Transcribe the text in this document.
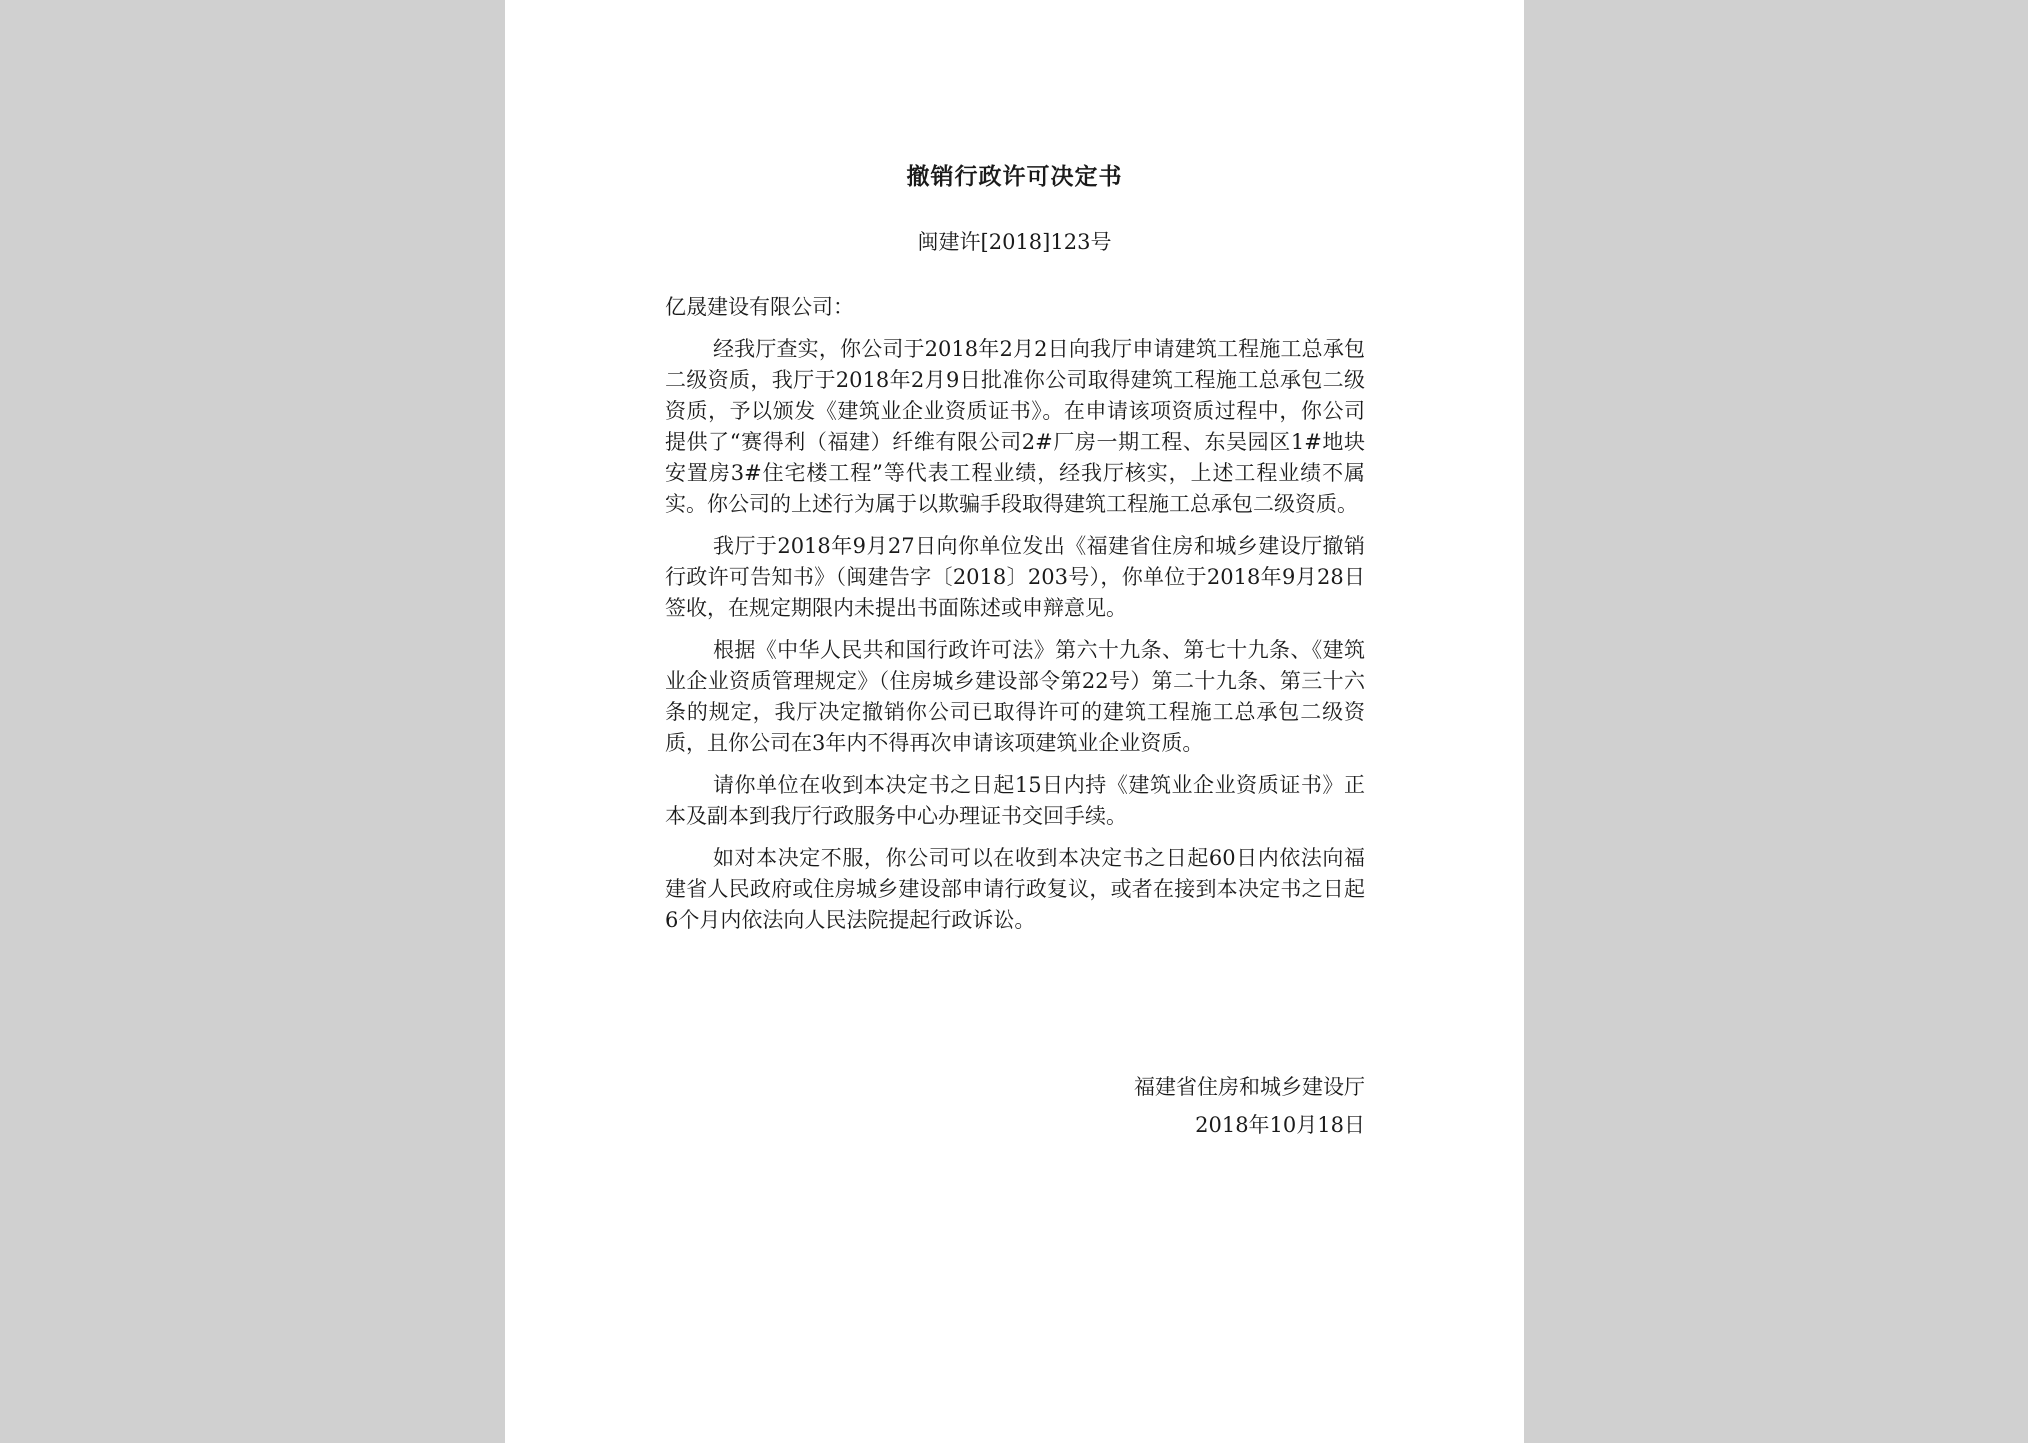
撤销行政许可决定书
闽建许[2018]123号
亿晟建设有限公司：

经我厅查实，你公司于2018年2月2日向我厅申请建筑工程施工总承包二级资质，我厅于2018年2月9日批准你公司取得建筑工程施工总承包二级资质，予以颁发《建筑业企业资质证书》。在申请该项资质过程中，你公司提供了“赛得利（福建）纤维有限公司2#厂房一期工程、东吴园区1#地块安置房3#住宅楼工程”等代表工程业绩，经我厅核实，上述工程业绩不属实。你公司的上述行为属于以欺骗手段取得建筑工程施工总承包二级资质。

我厅于2018年9月27日向你单位发出《福建省住房和城乡建设厅撤销行政许可告知书》（闽建告字〔2018〕203号），你单位于2018年9月28日签收，在规定期限内未提出书面陈述或申辩意见。

根据《中华人民共和国行政许可法》第六十九条、第七十九条、《建筑业企业资质管理规定》（住房城乡建设部令第22号）第二十九条、第三十六条的规定，我厅决定撤销你公司已取得许可的建筑工程施工总承包二级资质，且你公司在3年内不得再次申请该项建筑业企业资质。

请你单位在收到本决定书之日起15日内持《建筑业企业资质证书》正本及副本到我厅行政服务中心办理证书交回手续。

如对本决定不服，你公司可以在收到本决定书之日起60日内依法向福建省人民政府或住房城乡建设部申请行政复议，或者在接到本决定书之日起6个月内依法向人民法院提起行政诉讼。

福建省住房和城乡建设厅
2018年10月18日
